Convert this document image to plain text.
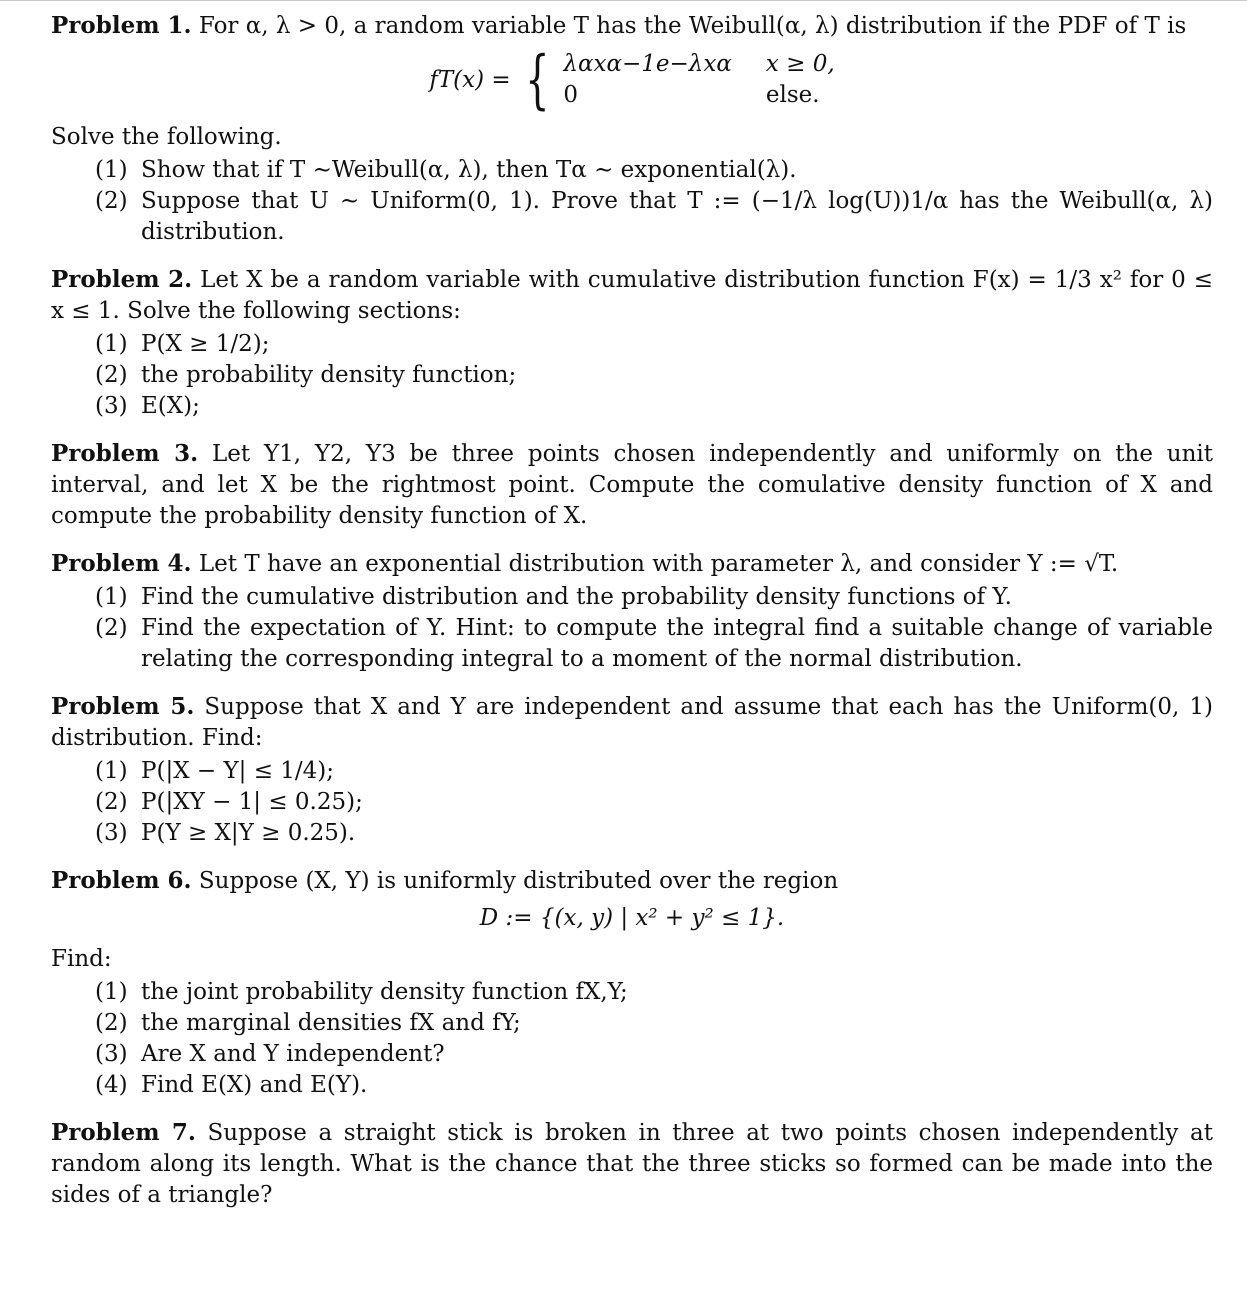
Problem 1. For α, λ > 0, a random variable T has the Weibull(α, λ) distribution if the PDF of T is

fT(x) = { λαxα−1e−λxα x ≥ 0,
0	else.

Solve the following.

(1) Show that if T ∼Weibull(α, λ), then Tα ∼ exponential(λ).
(2) Suppose that U ∼ Uniform(0, 1). Prove that T := (−1/λ log(U))1/α has the Weibull(α, λ) distribution.

Problem 2. Let X be a random variable with cumulative distribution function F(x) = 1/3 x² for 0 ≤ x ≤ 1. Solve the following sections:

(1) P(X ≥ 1/2);
(2) the probability density function;
(3) E(X);

Problem 3. Let Y1, Y2, Y3 be three points chosen independently and uniformly on the unit interval, and let X be the rightmost point. Compute the comulative density function of X and compute the probability density function of X.

Problem 4. Let T have an exponential distribution with parameter λ, and consider Y := √T.

(1) Find the cumulative distribution and the probability density functions of Y.
(2) Find the expectation of Y. Hint: to compute the integral find a suitable change of variable relating the corresponding integral to a moment of the normal distribution.

Problem 5. Suppose that X and Y are independent and assume that each has the Uniform(0, 1) distribution. Find:

(1) P(|X − Y| ≤ 1/4);
(2) P(|XY − 1| ≤ 0.25);
(3) P(Y ≥ X|Y ≥ 0.25).

Problem 6. Suppose (X, Y) is uniformly distributed over the region

D := {(x, y) | x² + y² ≤ 1}.

Find:

(1) the joint probability density function fX,Y;
(2) the marginal densities fX and fY;
(3) Are X and Y independent?
(4) Find E(X) and E(Y).

Problem 7. Suppose a straight stick is broken in three at two points chosen independently at random along its length. What is the chance that the three sticks so formed can be made into the sides of a triangle?
